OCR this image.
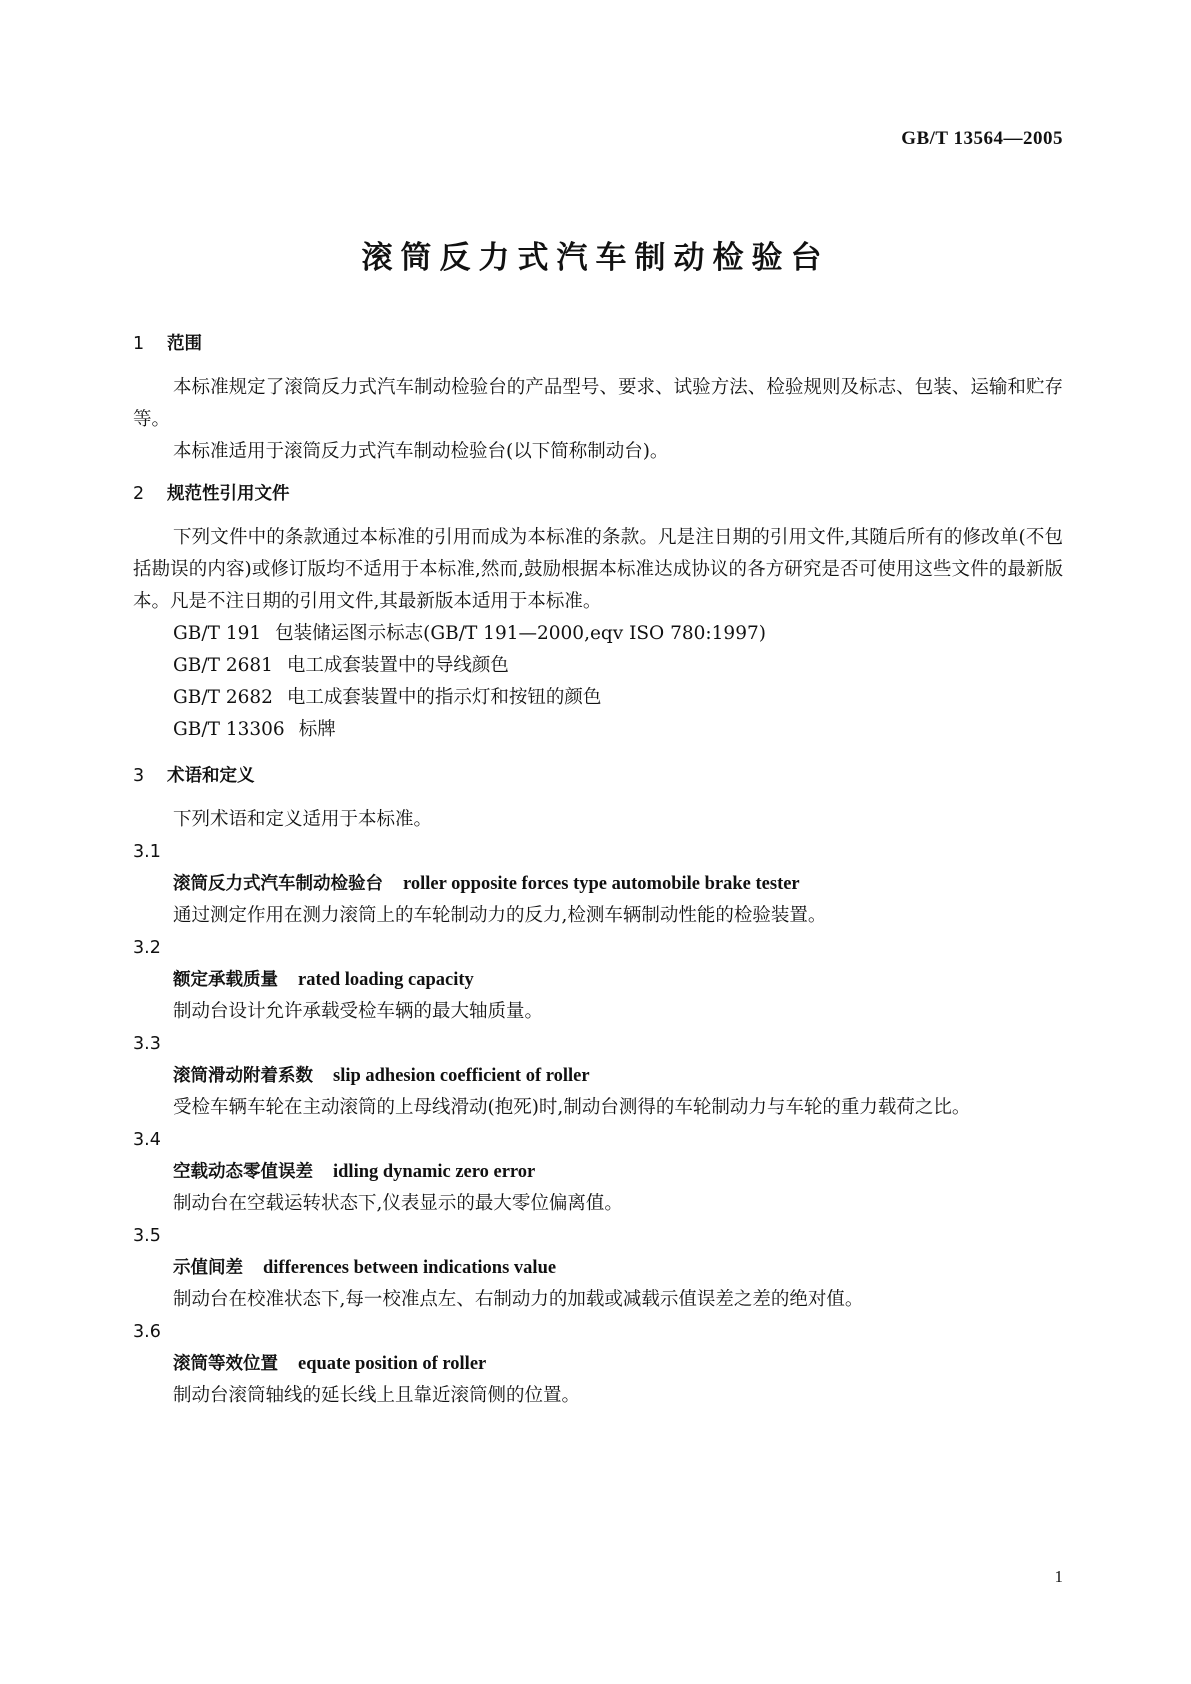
GB/T 13564—2005
滚筒反力式汽车制动检验台
1 范围
本标准规定了滚筒反力式汽车制动检验台的产品型号、要求、试验方法、检验规则及标志、包装、运输和贮存等。
本标准适用于滚筒反力式汽车制动检验台(以下简称制动台)。
2 规范性引用文件
下列文件中的条款通过本标准的引用而成为本标准的条款。凡是注日期的引用文件,其随后所有的修改单(不包括勘误的内容)或修订版均不适用于本标准,然而,鼓励根据本标准达成协议的各方研究是否可使用这些文件的最新版本。凡是不注日期的引用文件,其最新版本适用于本标准。
GB/T 191 包装储运图示标志(GB/T 191—2000,eqv ISO 780:1997)
GB/T 2681 电工成套装置中的导线颜色
GB/T 2682 电工成套装置中的指示灯和按钮的颜色
GB/T 13306 标牌
3 术语和定义
下列术语和定义适用于本标准。
3.1
滚筒反力式汽车制动检验台 roller opposite forces type automobile brake tester
通过测定作用在测力滚筒上的车轮制动力的反力,检测车辆制动性能的检验装置。
3.2
额定承载质量 rated loading capacity
制动台设计允许承载受检车辆的最大轴质量。
3.3
滚筒滑动附着系数 slip adhesion coefficient of roller
受检车辆车轮在主动滚筒的上母线滑动(抱死)时,制动台测得的车轮制动力与车轮的重力载荷之比。
3.4
空载动态零值误差 idling dynamic zero error
制动台在空载运转状态下,仪表显示的最大零位偏离值。
3.5
示值间差 differences between indications value
制动台在校准状态下,每一校准点左、右制动力的加载或减载示值误差之差的绝对值。
3.6
滚筒等效位置 equate position of roller
制动台滚筒轴线的延长线上且靠近滚筒侧的位置。
1
